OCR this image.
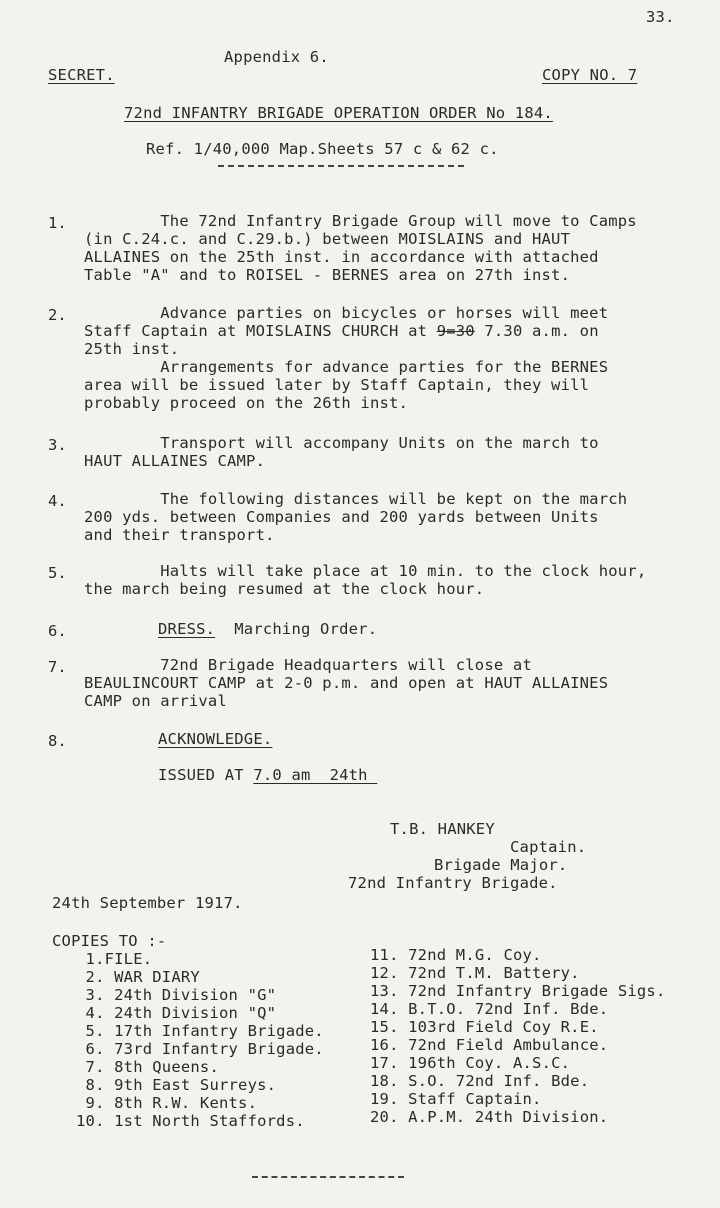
33.
Appendix 6.
SECRET.	COPY NO. 7
72nd INFANTRY BRIGADE OPERATION ORDER No 184.
Ref. 1/40,000 Map.Sheets 57 c & 62 c.
1. The 72nd Infantry Brigade Group will move to Camps
(in C.24.c. and C.29.b.) between MOISLAINS and HAUT
ALLAINES on the 25th inst. in accordance with attached
Table "A" and to ROISEL - BERNES area on 27th inst.
2. Advance parties on bicycles or horses will meet
Staff Captain at MOISLAINS CHURCH at 9=30 7.30 a.m. on
25th inst.
Arrangements for advance parties for the BERNES
area will be issued later by Staff Captain, they will
probably proceed on the 26th inst.
3. Transport will accompany Units on the march to
HAUT ALLAINES CAMP.
4. The following distances will be kept on the march
200 yds. between Companies and 200 yards between Units
and their transport.
5. Halts will take place at 10 min. to the clock hour,
the march being resumed at the clock hour.
6.	DRESS.  Marching Order.
7. 72nd Brigade Headquarters will close at
BEAULINCOURT CAMP at 2-0 p.m. and open at HAUT ALLAINES
CAMP on arrival
8.	ACKNOWLEDGE.
ISSUED AT 7.0 am  24th
T.B. HANKEY
Captain.
Brigade Major.
72nd Infantry Brigade.
24th September 1917.
COPIES TO :-
1.FILE.
2. WAR DIARY
3. 24th Division "G"
4. 24th Division "Q"
5. 17th Infantry Brigade.
6. 73rd Infantry Brigade.
7. 8th Queens.
8. 9th East Surreys.
9. 8th R.W. Kents.
10. 1st North Staffords.
11. 72nd M.G. Coy.
12. 72nd T.M. Battery.
13. 72nd Infantry Brigade Sigs.
14. B.T.O. 72nd Inf. Bde.
15. 103rd Field Coy R.E.
16. 72nd Field Ambulance.
17. 196th Coy. A.S.C.
18. S.O. 72nd Inf. Bde.
19. Staff Captain.
20. A.P.M. 24th Division.
